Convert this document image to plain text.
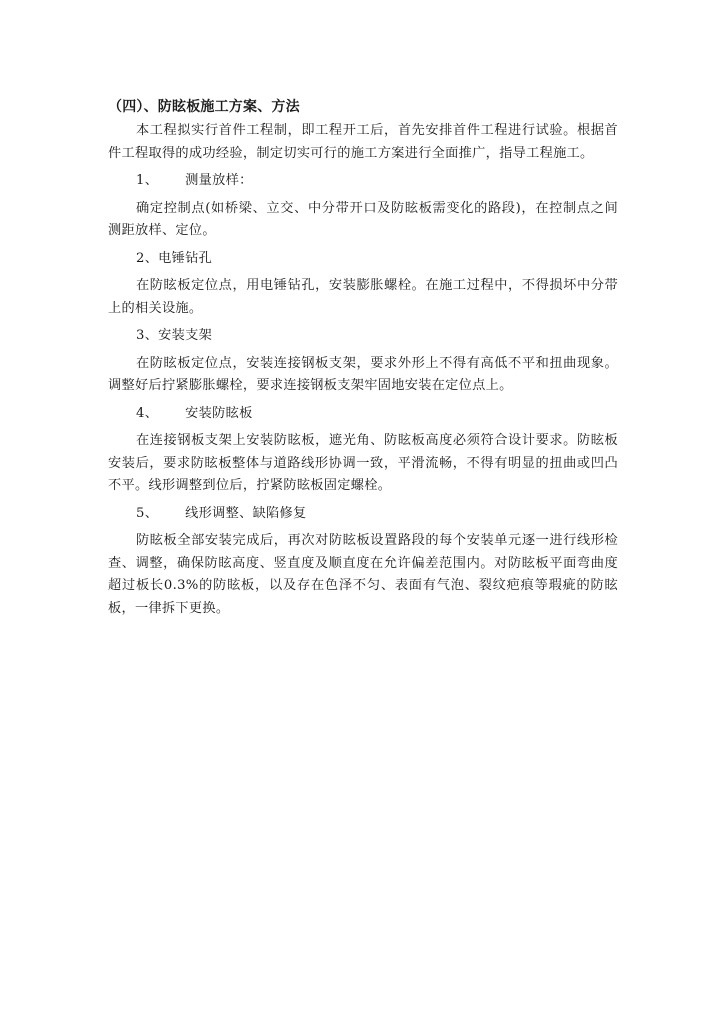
（四）、防眩板施工方案、方法

本工程拟实行首件工程制，即工程开工后，首先安排首件工程进行试验。根据首件工程取得的成功经验，制定切实可行的施工方案进行全面推广，指导工程施工。

1、      测量放样：

确定控制点(如桥梁、立交、中分带开口及防眩板需变化的路段)，在控制点之间测距放样、定位。

2、电锤钻孔

在防眩板定位点，用电锤钻孔，安装膨胀螺栓。在施工过程中，不得损坏中分带上的相关设施。

3、安装支架

在防眩板定位点，安装连接钢板支架，要求外形上不得有高低不平和扭曲现象。调整好后拧紧膨胀螺栓，要求连接钢板支架牢固地安装在定位点上。

4、      安装防眩板

在连接钢板支架上安装防眩板，遮光角、防眩板高度必须符合设计要求。防眩板安装后，要求防眩板整体与道路线形协调一致，平滑流畅，不得有明显的扭曲或凹凸不平。线形调整到位后，拧紧防眩板固定螺栓。

5、      线形调整、缺陷修复

防眩板全部安装完成后，再次对防眩板设置路段的每个安装单元逐一进行线形检查、调整，确保防眩高度、竖直度及顺直度在允许偏差范围内。对防眩板平面弯曲度超过板长0.3%的防眩板，以及存在色泽不匀、表面有气泡、裂纹疤痕等瑕疵的防眩板，一律拆下更换。
